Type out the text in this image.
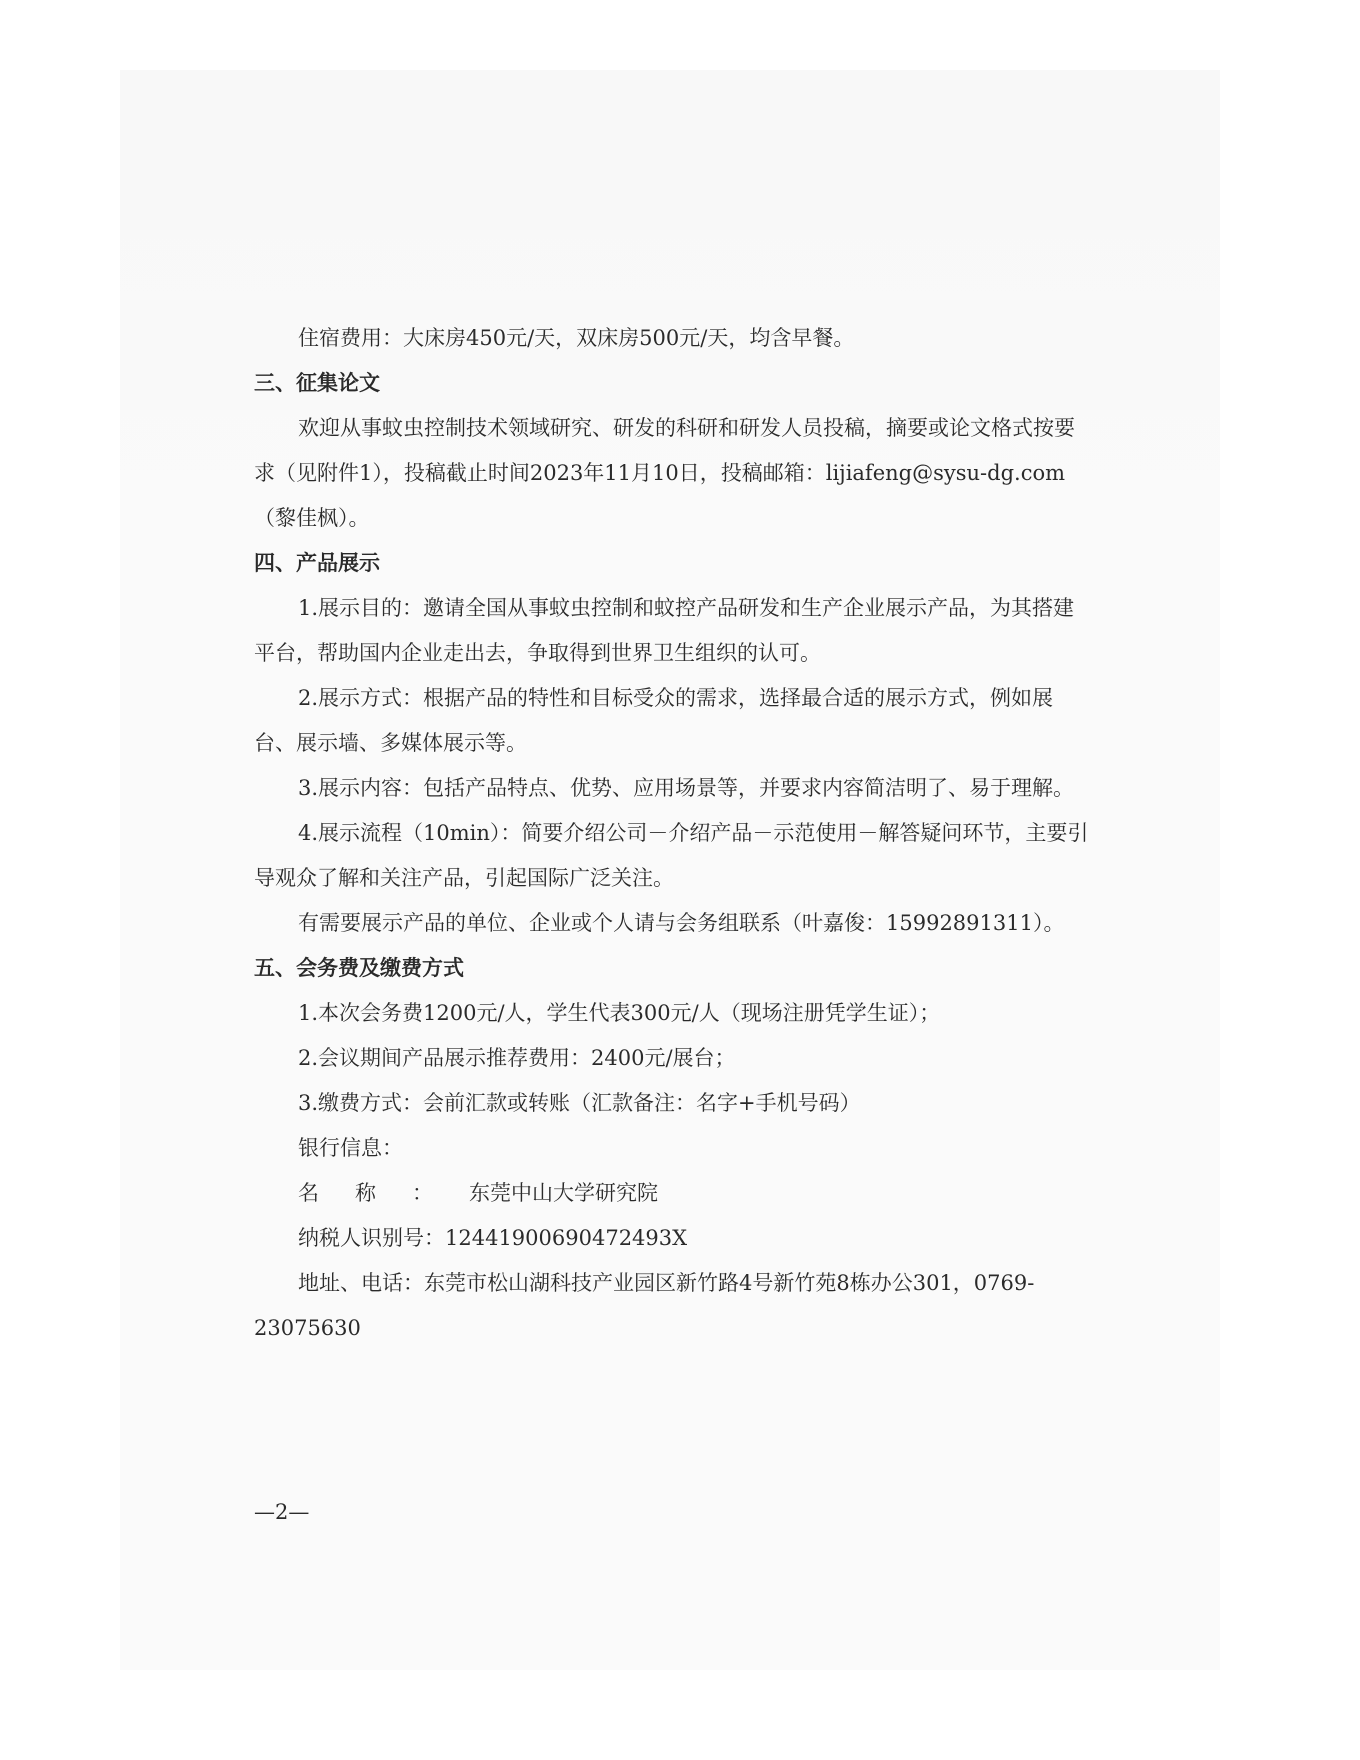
住宿费用：大床房450元/天，双床房500元/天，均含早餐。

三、征集论文

欢迎从事蚊虫控制技术领域研究、研发的科研和研发人员投稿，摘要或论文格式按要求（见附件1），投稿截止时间2023年11月10日，投稿邮箱：lijiafeng@sysu-dg.com（黎佳枫）。

四、产品展示

1.展示目的：邀请全国从事蚊虫控制和蚊控产品研发和生产企业展示产品，为其搭建平台，帮助国内企业走出去，争取得到世界卫生组织的认可。

2.展示方式：根据产品的特性和目标受众的需求，选择最合适的展示方式，例如展台、展示墙、多媒体展示等。

3.展示内容：包括产品特点、优势、应用场景等，并要求内容简洁明了、易于理解。

4.展示流程（10min）：简要介绍公司－介绍产品－示范使用－解答疑问环节，主要引导观众了解和关注产品，引起国际广泛关注。

有需要展示产品的单位、企业或个人请与会务组联系（叶嘉俊：15992891311）。

五、会务费及缴费方式

1.本次会务费1200元/人，学生代表300元/人（现场注册凭学生证）；

2.会议期间产品展示推荐费用：2400元/展台；

3.缴费方式：会前汇款或转账（汇款备注：名字+手机号码）

银行信息：

名称：东莞中山大学研究院

纳税人识别号：12441900690472493X

地址、电话：东莞市松山湖科技产业园区新竹路4号新竹苑8栋办公301，0769-23075630

—2—
